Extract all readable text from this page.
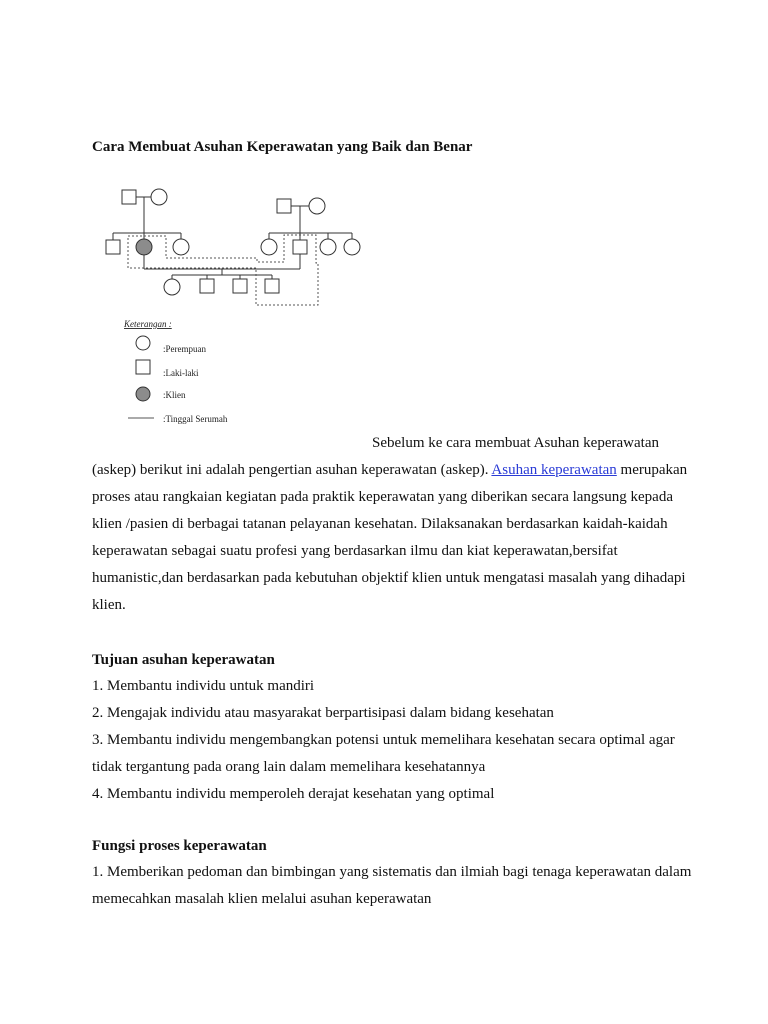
Cara Membuat Asuhan Keperawatan yang Baik dan Benar
Keterangan :
:Perempuan
:Laki-laki
:Klien
:Tinggal Serumah

Sebelum ke cara membuat Asuhan keperawatan (askep) berikut ini adalah pengertian asuhan keperawatan (askep). Asuhan keperawatan merupakan proses atau rangkaian kegiatan pada praktik keperawatan yang diberikan secara langsung kepada klien /pasien di berbagai tatanan pelayanan kesehatan. Dilaksanakan berdasarkan kaidah-kaidah keperawatan sebagai suatu profesi yang berdasarkan ilmu dan kiat keperawatan,bersifat humanistic,dan berdasarkan pada kebutuhan objektif klien untuk mengatasi masalah yang dihadapi klien.

Tujuan asuhan keperawatan
1. Membantu individu untuk mandiri
2. Mengajak individu atau masyarakat berpartisipasi dalam bidang kesehatan
3. Membantu individu mengembangkan potensi untuk memelihara kesehatan secara optimal agar tidak tergantung pada orang lain dalam memelihara kesehatannya
4. Membantu individu memperoleh derajat kesehatan yang optimal
Fungsi proses keperawatan
1. Memberikan pedoman dan bimbingan yang sistematis dan ilmiah bagi tenaga keperawatan dalam memecahkan masalah klien melalui asuhan keperawatan
